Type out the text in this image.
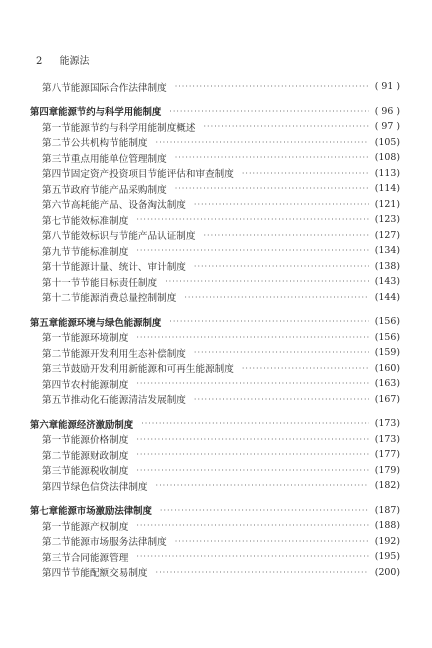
2 能源法
第八节 能源国际合作法律制度 ·····	( 91 )
第四章 能源节约与科学用能制度 ·····	( 96 )
第一节 能源节约与科学用能制度概述 ·····	( 97 )
第二节 公共机构节能制度 ·····	(105)
第三节 重点用能单位管理制度 ·····	(108)
第四节 固定资产投资项目节能评估和审查制度 ·····	(113)
第五节 政府节能产品采购制度 ·····	(114)
第六节 高耗能产品、设备淘汰制度 ·····	(121)
第七节 能效标准制度 ·····	(123)
第八节 能效标识与节能产品认证制度 ·····	(127)
第九节 节能标准制度 ·····	(134)
第十节 能源计量、统计、审计制度 ·····	(138)
第十一节 节能目标责任制度 ·····	(143)
第十二节 能源消费总量控制制度 ·····	(144)
第五章 能源环境与绿色能源制度 ·····	(156)
第一节 能源环境制度 ·····	(156)
第二节 能源开发利用生态补偿制度 ·····	(159)
第三节 鼓励开发利用新能源和可再生能源制度 ·····	(160)
第四节 农村能源制度 ·····	(163)
第五节 推动化石能源清洁发展制度 ·····	(167)
第六章 能源经济激励制度 ·····	(173)
第一节 能源价格制度 ·····	(173)
第二节 能源财政制度 ·····	(177)
第三节 能源税收制度 ·····	(179)
第四节 绿色信贷法律制度 ·····	(182)
第七章 能源市场激励法律制度 ·····	(187)
第一节 能源产权制度 ·····	(188)
第二节 能源市场服务法律制度 ·····	(192)
第三节 合同能源管理 ·····	(195)
第四节 节能配额交易制度 ·····	(200)
